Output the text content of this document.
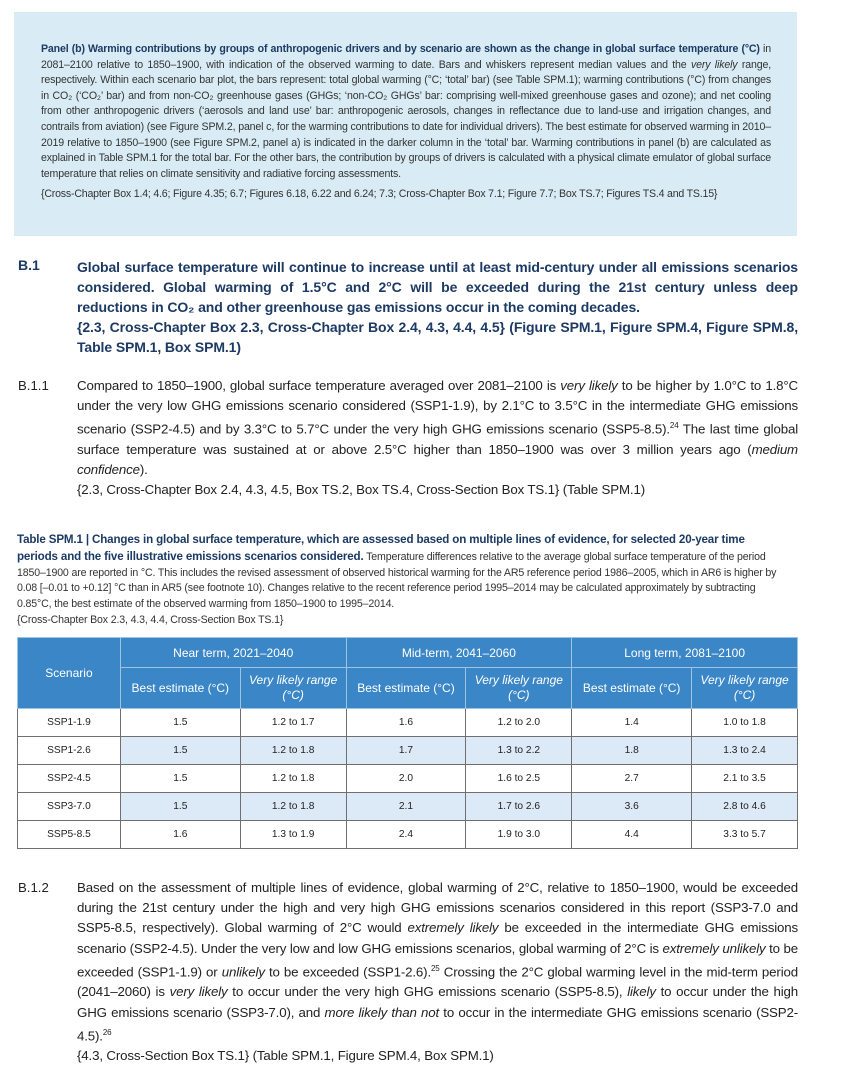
Panel (b) Warming contributions by groups of anthropogenic drivers and by scenario are shown as the change in global surface temperature (°C) in 2081–2100 relative to 1850–1900, with indication of the observed warming to date. Bars and whiskers represent median values and the very likely range, respectively. Within each scenario bar plot, the bars represent: total global warming (°C; ‘total’ bar) (see Table SPM.1); warming contributions (°C) from changes in CO₂ (‘CO₂’ bar) and from non-CO₂ greenhouse gases (GHGs; ‘non-CO₂ GHGs’ bar: comprising well-mixed greenhouse gases and ozone); and net cooling from other anthropogenic drivers (‘aerosols and land use’ bar: anthropogenic aerosols, changes in reflectance due to land-use and irrigation changes, and contrails from aviation) (see Figure SPM.2, panel c, for the warming contributions to date for individual drivers). The best estimate for observed warming in 2010–2019 relative to 1850–1900 (see Figure SPM.2, panel a) is indicated in the darker column in the ‘total’ bar. Warming contributions in panel (b) are calculated as explained in Table SPM.1 for the total bar. For the other bars, the contribution by groups of drivers is calculated with a physical climate emulator of global surface temperature that relies on climate sensitivity and radiative forcing assessments.

{Cross-Chapter Box 1.4; 4.6; Figure 4.35; 6.7; Figures 6.18, 6.22 and 6.24; 7.3; Cross-Chapter Box 7.1; Figure 7.7; Box TS.7; Figures TS.4 and TS.15}

B.1	Global surface temperature will continue to increase until at least mid-century under all emissions scenarios considered. Global warming of 1.5°C and 2°C will be exceeded during the 21st century unless deep reductions in CO₂ and other greenhouse gas emissions occur in the coming decades.
{2.3, Cross-Chapter Box 2.3, Cross-Chapter Box 2.4, 4.3, 4.4, 4.5} (Figure SPM.1, Figure SPM.4, Figure SPM.8, Table SPM.1, Box SPM.1)
B.1.1	Compared to 1850–1900, global surface temperature averaged over 2081–2100 is very likely to be higher by 1.0°C to 1.8°C under the very low GHG emissions scenario considered (SSP1-1.9), by 2.1°C to 3.5°C in the intermediate GHG emissions scenario (SSP2-4.5) and by 3.3°C to 5.7°C under the very high GHG emissions scenario (SSP5-8.5).$^{24}$ The last time global surface temperature was sustained at or above 2.5°C higher than 1850–1900 was over 3 million years ago (medium confidence).
{2.3, Cross-Chapter Box 2.4, 4.3, 4.5, Box TS.2, Box TS.4, Cross-Section Box TS.1} (Table SPM.1)
Table SPM.1 | Changes in global surface temperature, which are assessed based on multiple lines of evidence, for selected 20-year time periods and the five illustrative emissions scenarios considered. Temperature differences relative to the average global surface temperature of the period 1850–1900 are reported in °C. This includes the revised assessment of observed historical warming for the AR5 reference period 1986–2005, which in AR6 is higher by 0.08 [–0.01 to +0.12] °C than in AR5 (see footnote 10). Changes relative to the recent reference period 1995–2014 may be calculated approximately by subtracting 0.85°C, the best estimate of the observed warming from 1850–1900 to 1995–2014.
{Cross-Chapter Box 2.3, 4.3, 4.4, Cross-Section Box TS.1}
Scenario	Near term, 2021–2040		Mid-term, 2041–2060		Long term, 2081–2100	
	Best estimate (°C)	Very likely range (°C)	Best estimate (°C)	Very likely range (°C)	Best estimate (°C)	Very likely range (°C)
SSP1-1.9	1.5	1.2 to 1.7	1.6	1.2 to 2.0	1.4	1.0 to 1.8
SSP1-2.6	1.5	1.2 to 1.8	1.7	1.3 to 2.2	1.8	1.3 to 2.4
SSP2-4.5	1.5	1.2 to 1.8	2.0	1.6 to 2.5	2.7	2.1 to 3.5
SSP3-7.0	1.5	1.2 to 1.8	2.1	1.7 to 2.6	3.6	2.8 to 4.6
SSP5-8.5	1.6	1.3 to 1.9	2.4	1.9 to 3.0	4.4	3.3 to 5.7
B.1.2	Based on the assessment of multiple lines of evidence, global warming of 2°C, relative to 1850–1900, would be exceeded during the 21st century under the high and very high GHG emissions scenarios considered in this report (SSP3-7.0 and SSP5-8.5, respectively). Global warming of 2°C would extremely likely be exceeded in the intermediate GHG emissions scenario (SSP2-4.5). Under the very low and low GHG emissions scenarios, global warming of 2°C is extremely unlikely to be exceeded (SSP1-1.9) or unlikely to be exceeded (SSP1-2.6).$^{25}$ Crossing the 2°C global warming level in the mid-term period (2041–2060) is very likely to occur under the very high GHG emissions scenario (SSP5-8.5), likely to occur under the high GHG emissions scenario (SSP3-7.0), and more likely than not to occur in the intermediate GHG emissions scenario (SSP2-4.5).$^{26}$
{4.3, Cross-Section Box TS.1} (Table SPM.1, Figure SPM.4, Box SPM.1)
